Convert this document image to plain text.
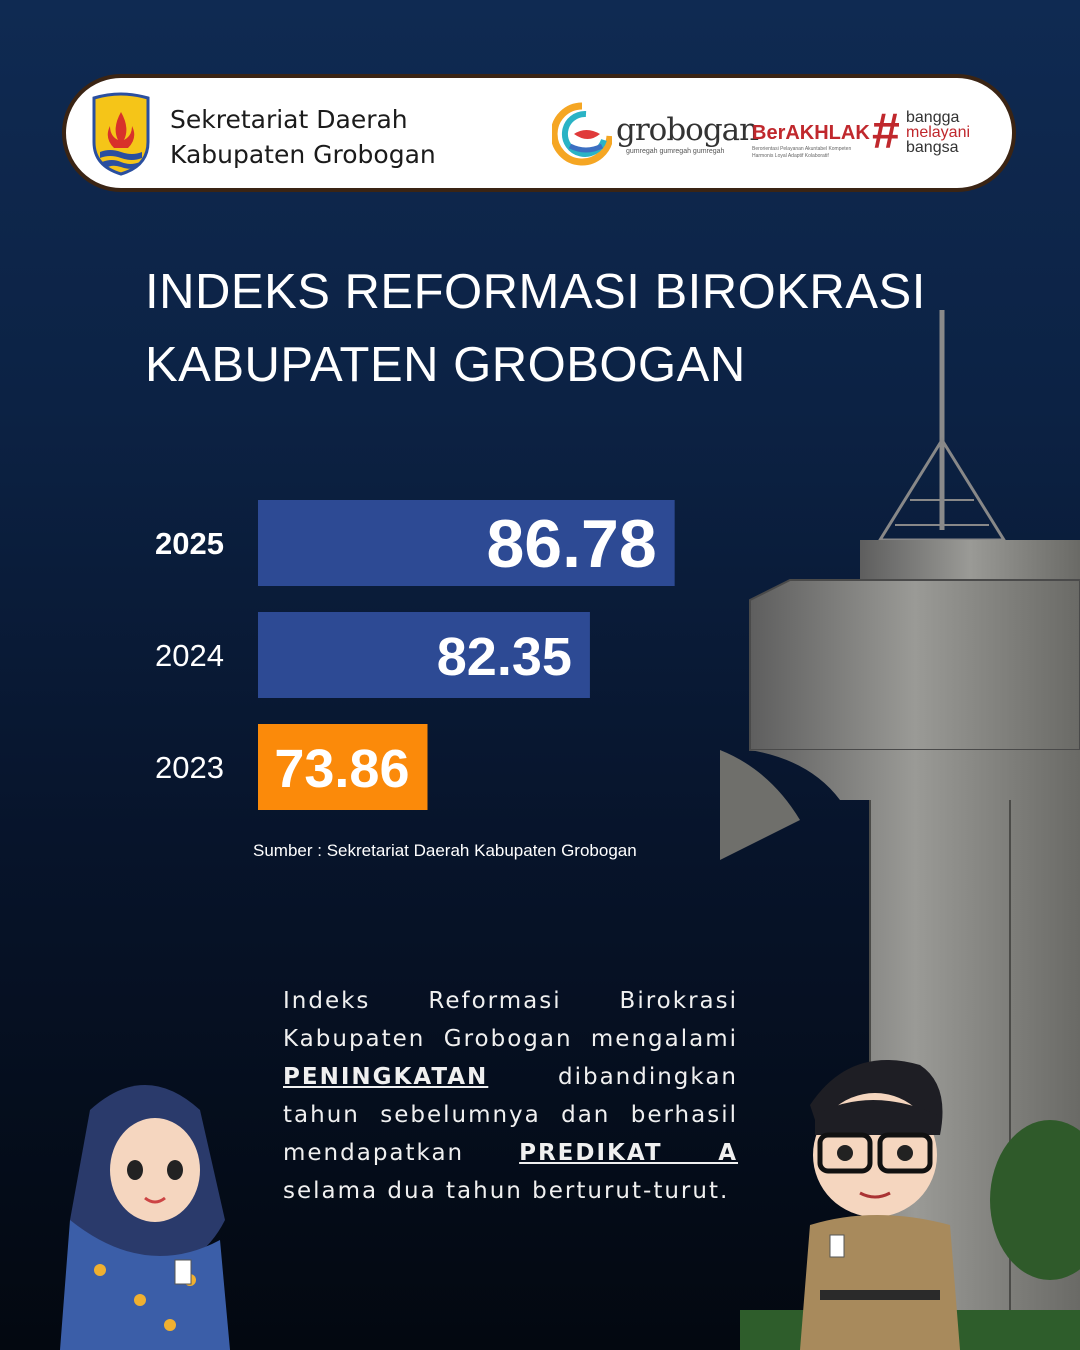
Sekretariat Daerah
Kabupaten Grobogan
grobogan
gumregah gumregah gumregah
BerAKHLAK
Berorientasi Pelayanan Akuntabel Kompeten Harmonis Loyal Adaptif Kolaboratif # bangga
melayani
bangsa
INDEKS REFORMASI BIROKRASI
KABUPATEN GROBOGAN
2025	86.78
2024	82.35
2023 73.86
Sumber : Sekretariat Daerah Kabupaten Grobogan
Indeks Reformasi Birokrasi Kabupaten Grobogan mengalami PENINGKATAN dibandingkan tahun sebelumnya dan berhasil mendapatkan PREDIKAT A selama dua tahun berturut-turut.
